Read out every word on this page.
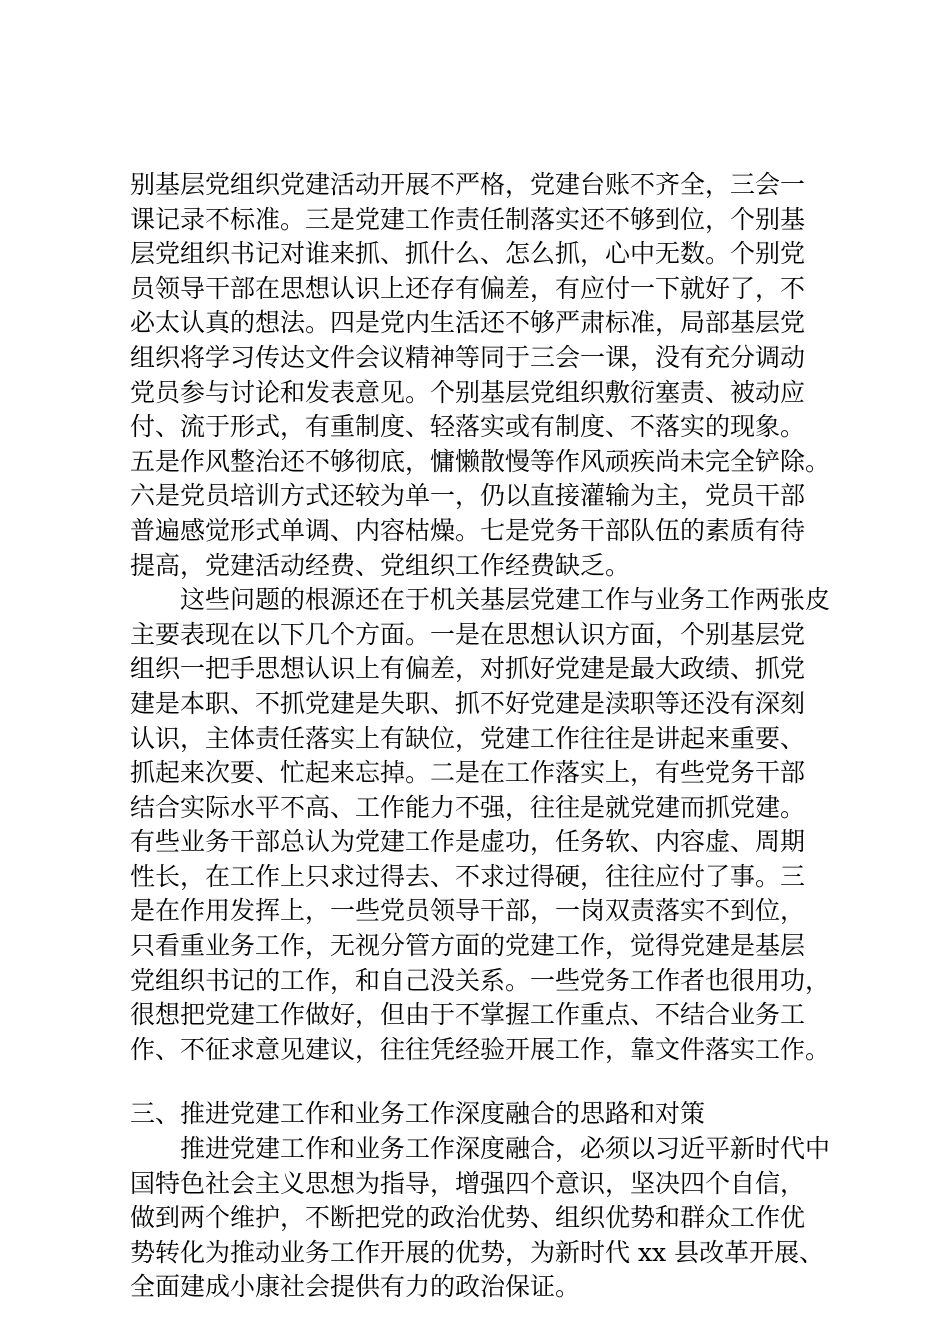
别基层党组织党建活动开展不严格，党建台账不齐全，三会一
课记录不标准。三是党建工作责任制落实还不够到位，个别基
层党组织书记对谁来抓、抓什么、怎么抓，心中无数。个别党
员领导干部在思想认识上还存有偏差，有应付一下就好了，不
必太认真的想法。四是党内生活还不够严肃标准，局部基层党
组织将学习传达文件会议精神等同于三会一课，没有充分调动
党员参与讨论和发表意见。个别基层党组织敷衍塞责、被动应
付、流于形式，有重制度、轻落实或有制度、不落实的现象。
五是作风整治还不够彻底，慵懒散慢等作风顽疾尚未完全铲除。
六是党员培训方式还较为单一，仍以直接灌输为主，党员干部
普遍感觉形式单调、内容枯燥。七是党务干部队伍的素质有待
提高，党建活动经费、党组织工作经费缺乏。
这些问题的根源还在于机关基层党建工作与业务工作两张皮
主要表现在以下几个方面。一是在思想认识方面，个别基层党
组织一把手思想认识上有偏差，对抓好党建是最大政绩、抓党
建是本职、不抓党建是失职、抓不好党建是渎职等还没有深刻
认识，主体责任落实上有缺位，党建工作往往是讲起来重要、
抓起来次要、忙起来忘掉。二是在工作落实上，有些党务干部
结合实际水平不高、工作能力不强，往往是就党建而抓党建。
有些业务干部总认为党建工作是虚功，任务软、内容虚、周期
性长，在工作上只求过得去、不求过得硬，往往应付了事。三
是在作用发挥上，一些党员领导干部，一岗双责落实不到位，
只看重业务工作，无视分管方面的党建工作，觉得党建是基层
党组织书记的工作，和自己没关系。一些党务工作者也很用功，
很想把党建工作做好，但由于不掌握工作重点、不结合业务工
作、不征求意见建议，往往凭经验开展工作，靠文件落实工作。
三、推进党建工作和业务工作深度融合的思路和对策
推进党建工作和业务工作深度融合，必须以习近平新时代中
国特色社会主义思想为指导，增强四个意识，坚决四个自信，
做到两个维护，不断把党的政治优势、组织优势和群众工作优
势转化为推动业务工作开展的优势，为新时代 xx 县改革开展、
全面建成小康社会提供有力的政治保证。
